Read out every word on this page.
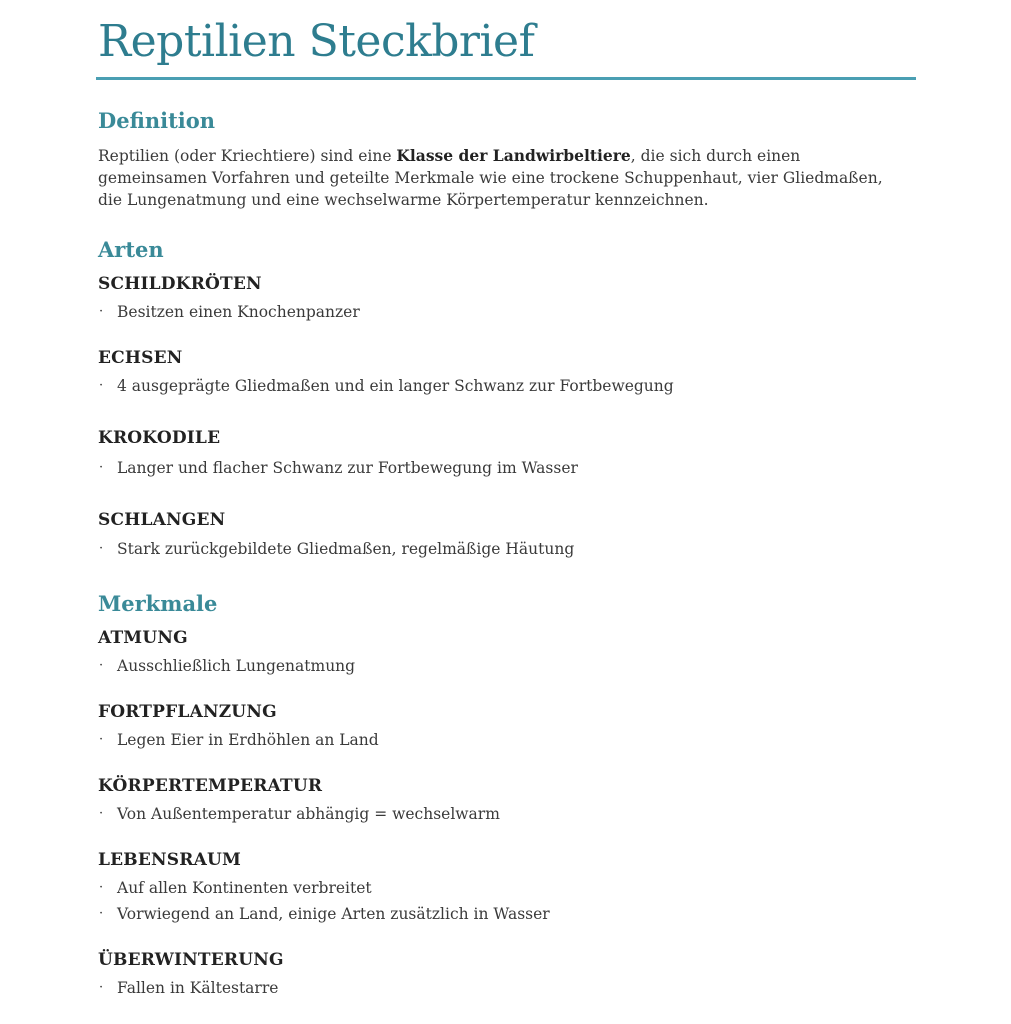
Reptilien Steckbrief
Definition

Reptilien (oder Kriechtiere) sind eine Klasse der Landwirbeltiere, die sich durch einen
gemeinsamen Vorfahren und geteilte Merkmale wie eine trockene Schuppenhaut, vier Gliedmaßen,
die Lungenatmung und eine wechselwarme Körpertemperatur kennzeichnen.

Arten
SCHILDKRÖTEN
· Besitzen einen Knochenpanzer
ECHSEN
· 4 ausgeprägte Gliedmaßen und ein langer Schwanz zur Fortbewegung
KROKODILE
· Langer und flacher Schwanz zur Fortbewegung im Wasser
SCHLANGEN
· Stark zurückgebildete Gliedmaßen, regelmäßige Häutung
Merkmale
ATMUNG
· Ausschließlich Lungenatmung
FORTPFLANZUNG
· Legen Eier in Erdhöhlen an Land
KÖRPERTEMPERATUR
· Von Außentemperatur abhängig = wechselwarm
LEBENSRAUM
· Auf allen Kontinenten verbreitet
· Vorwiegend an Land, einige Arten zusätzlich in Wasser
ÜBERWINTERUNG
· Fallen in Kältestarre
